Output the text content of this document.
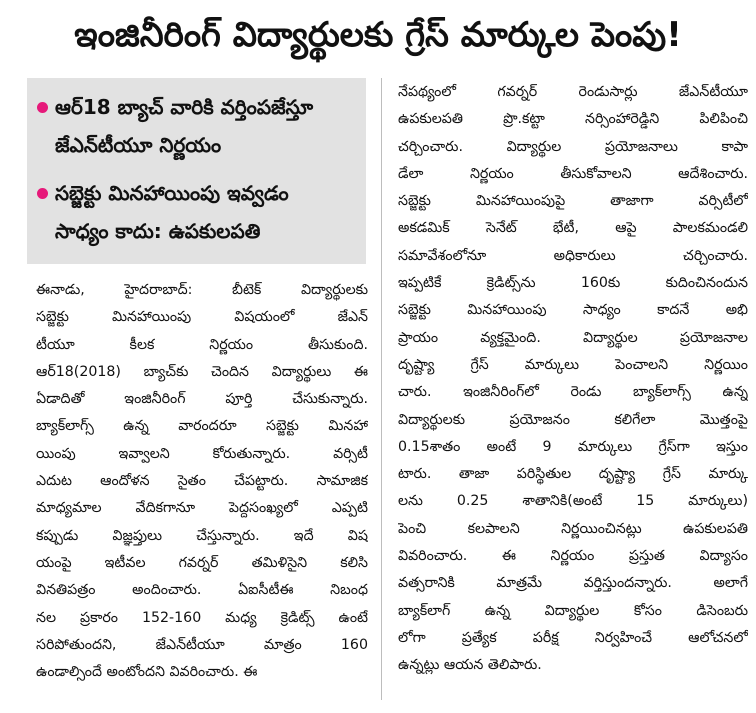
ఇంజినీరింగ్ విద్యార్థులకు గ్రేస్ మార్కుల పెంపు!
ఆర్18 బ్యాచ్ వారికి వర్తింపజేస్తూ
జేఎన్‌టీయూ నిర్ణయం
సబ్జెక్టు మినహాయింపు ఇవ్వడం
సాధ్యం కాదు: ఉపకులపతి
ఈనాడు, హైదరాబాద్: బీటెక్ విద్యార్థులకు
సబ్జెక్టు మినహాయింపు విషయంలో జేఎన్
టీయూ కీలక నిర్ణయం తీసుకుంది.
ఆర్18(2018) బ్యాచ్‌కు చెందిన విద్యార్థులు ఈ
ఏడాదితో ఇంజినీరింగ్ పూర్తి చేసుకున్నారు.
బ్యాక్‌లాగ్స్ ఉన్న వారందరూ సబ్జెక్టు మినహా
యింపు ఇవ్వాలని కోరుతున్నారు. వర్సిటీ
ఎదుట ఆందోళన సైతం చేపట్టారు. సామాజిక
మాధ్యమాల వేదికగానూ పెద్దసంఖ్యలో ఎప్పటి
కప్పుడు విజ్ఞప్తులు చేస్తున్నారు. ఇదే విష
యంపై ఇటీవల గవర్నర్ తమిళిసైని కలిసి
వినతిపత్రం అందించారు. ఏఐసీటీఈ నిబంధ
నల ప్రకారం 152-160 మధ్య క్రెడిట్స్ ఉంటే
సరిపోతుందని, జేఎన్‌టీయూ మాత్రం 160
ఉండాల్సిందే అంటోందని వివరించారు. ఈ
నేపథ్యంలో గవర్నర్ రెండుసార్లు జేఎన్‌టీయూ
ఉపకులపతి ప్రొ.కట్టా నర్సింహారెడ్డిని పిలిపించి
చర్చించారు. విద్యార్థుల ప్రయోజనాలు కాపా
డేలా నిర్ణయం తీసుకోవాలని ఆదేశించారు.
సబ్జెక్టు మినహాయింపుపై తాజాగా వర్సిటీలో
అకడమిక్ సెనేట్ భేటీ, ఆపై పాలకమండలి
సమావేశంలోనూ అధికారులు చర్చించారు.
ఇప్పటికే క్రెడిట్స్‌ను 160కు కుదించినందున
సబ్జెక్టు మినహాయింపు సాధ్యం కాదనే అభి
ప్రాయం వ్యక్తమైంది. విద్యార్థుల ప్రయోజనాల
దృష్ట్యా గ్రేస్ మార్కులు పెంచాలని నిర్ణయిం
చారు. ఇంజినీరింగ్‌లో రెండు బ్యాక్‌లాగ్స్ ఉన్న
విద్యార్థులకు ప్రయోజనం కలిగేలా మొత్తంపై
0.15శాతం అంటే 9 మార్కులు గ్రేస్‌గా ఇస్తుం
టారు. తాజా పరిస్థితుల దృష్ట్యా గ్రేస్ మార్కు
లను 0.25 శాతానికి(అంటే 15 మార్కులు)
పెంచి కలపాలని నిర్ణయించినట్లు ఉపకులపతి
వివరించారు. ఈ నిర్ణయం ప్రస్తుత విద్యాసం
వత్సరానికి మాత్రమే వర్తిస్తుందన్నారు. అలాగే
బ్యాక్‌లాగ్ ఉన్న విద్యార్థుల కోసం డిసెంబరు
లోగా ప్రత్యేక పరీక్ష నిర్వహించే ఆలోచనలో
ఉన్నట్లు ఆయన తెలిపారు.
